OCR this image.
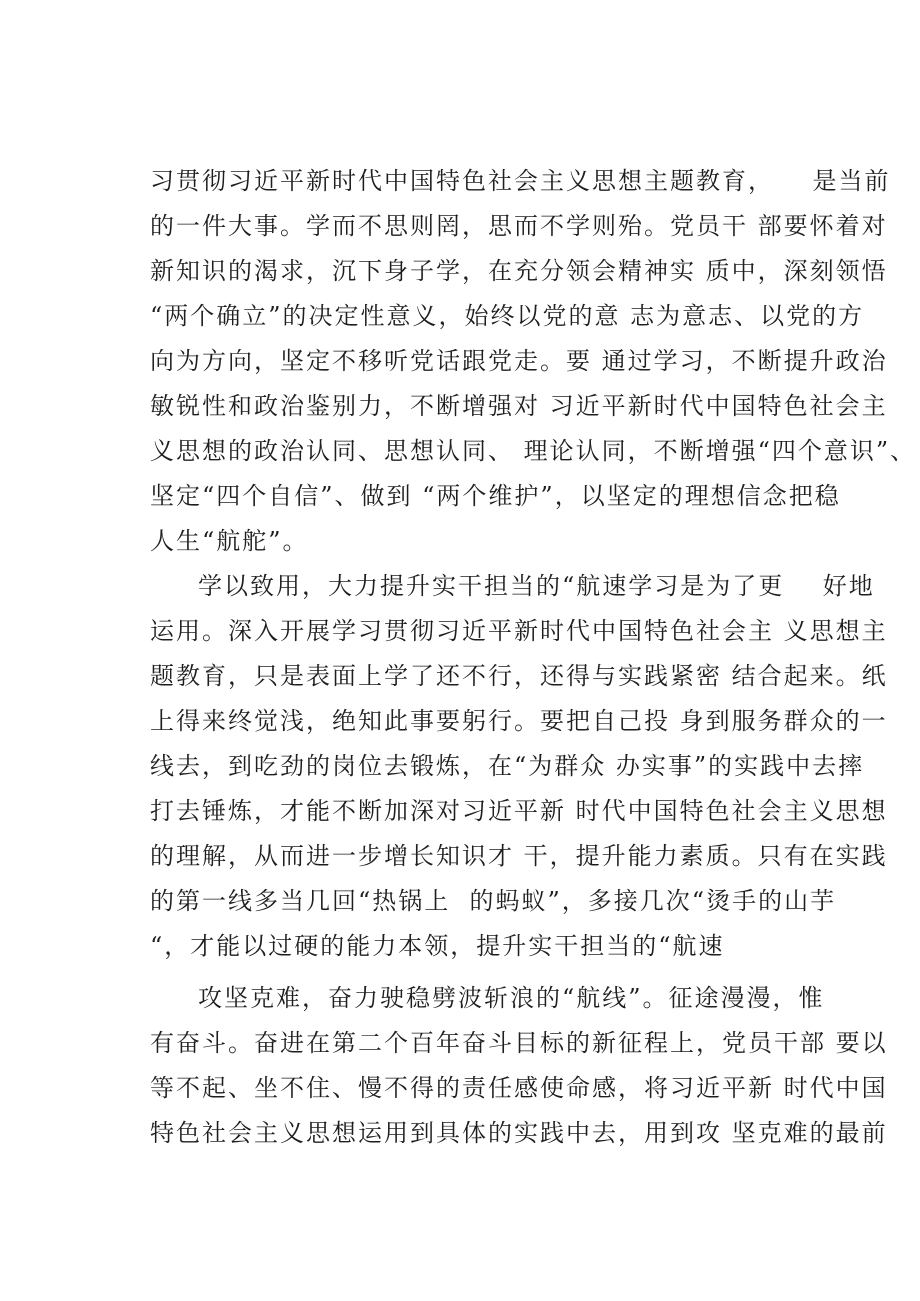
习贯彻习近平新时代中国特色社会主义思想主题教育，    是当前
的一件大事。学而不思则罔，思而不学则殆。党员干 部要怀着对
新知识的渴求，沉下身子学，在充分领会精神实 质中，深刻领悟
“两个确立”的决定性意义，始终以党的意 志为意志、以党的方
向为方向，坚定不移听党话跟党走。要 通过学习，不断提升政治
敏锐性和政治鉴别力，不断增强对 习近平新时代中国特色社会主
义思想的政治认同、思想认同、 理论认同，不断增强“四个意识”、
坚定“四个自信”、做到 “两个维护”，以坚定的理想信念把稳
人生“航舵”。
学以致用，大力提升实干担当的“航速学习是为了更    好地
运用。深入开展学习贯彻习近平新时代中国特色社会主 义思想主
题教育，只是表面上学了还不行，还得与实践紧密 结合起来。纸
上得来终觉浅，绝知此事要躬行。要把自己投 身到服务群众的一
线去，到吃劲的岗位去锻炼，在“为群众 办实事”的实践中去摔
打去锤炼，才能不断加深对习近平新 时代中国特色社会主义思想
的理解，从而进一步增长知识才 干，提升能力素质。只有在实践
的第一线多当几回“热锅上  的蚂蚁”，多接几次“烫手的山芋
“，才能以过硬的能力本领，提升实干担当的“航速
攻坚克难，奋力驶稳劈波斩浪的“航线”。征途漫漫，惟
有奋斗。奋进在第二个百年奋斗目标的新征程上，党员干部 要以
等不起、坐不住、慢不得的责任感使命感，将习近平新 时代中国
特色社会主义思想运用到具体的实践中去，用到攻 坚克难的最前
